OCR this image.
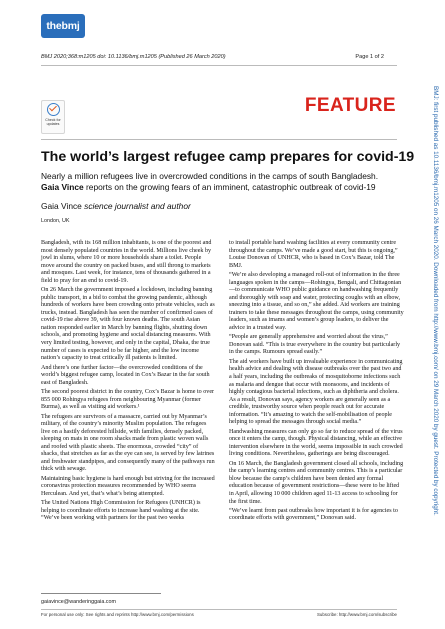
thebmj
BMJ 2020;368:m1205 doi: 10.1136/bmj.m1205 (Published 26 March 2020)	Page 1 of 2
Check for
updates
FEATURE
The world’s largest refugee camp prepares for covid-19
Nearly a million refugees live in overcrowded conditions in the camps of south Bangladesh. Gaia Vince reports on the growing fears of an imminent, catastrophic outbreak of covid-19
Gaia Vince science journalist and author
London, UK

Bangladesh, with its 168 million inhabitants, is one of the poorest and most densely populated countries in the world. Millions live cheek by jowl in slums, where 10 or more households share a toilet. People move around the country on packed buses, and still throng to markets and mosques. Last week, for instance, tens of thousands gathered in a field to pray for an end to covid-19.

On 26 March the government imposed a lockdown, including banning public transport, in a bid to combat the growing pandemic, although hundreds of workers have been crowding onto private vehicles, such as trucks, instead. Bangladesh has seen the number of confirmed cases of covid-19 rise above 39, with four known deaths. The south Asian nation responded earlier in March by banning flights, shutting down schools, and promoting hygiene and social distancing measures. With very limited testing, however, and only in the capital, Dhaka, the true number of cases is expected to be far higher, and the low income nation’s capacity to treat critically ill patients is limited.

And there’s one further factor—the overcrowded conditions of the world’s biggest refugee camp, located in Cox’s Bazar in the far south east of Bangladesh.

The second poorest district in the country, Cox’s Bazar is home to over 855 000 Rohingya refugees from neighbouring Myanmar (former Burma), as well as visiting aid workers.¹

The refugees are survivors of a massacre, carried out by Myanmar’s military, of the country’s minority Muslim population. The refugees live on a hastily deforested hillside, with families, densely packed, sleeping on mats in one room shacks made from plastic woven walls and roofed with plastic sheets. The enormous, crowded “city” of shacks, that stretches as far as the eye can see, is served by few latrines and freshwater standpipes, and consequently many of the pathways run thick with sewage.

Maintaining basic hygiene is hard enough but striving for the increased coronavirus protection measures recommended by WHO seems Herculean. And yet, that’s what’s being attempted.

The United Nations High Commission for Refugees (UNHCR) is helping to coordinate efforts to increase hand washing at the site. “We’ve been working with partners for the past two weeks

to install portable hand washing facilities at every community centre throughout the camps. We’ve made a good start, but this is ongoing,” Louise Donovan of UNHCR, who is based in Cox’s Bazar, told The BMJ.

“We’re also developing a managed roll-out of information in the three languages spoken in the camps—Rohingya, Bengali, and Chittagonian—to communicate WHO public guidance on handwashing frequently and thoroughly with soap and water, protecting coughs with an elbow, sneezing into a tissue, and so on,” she added. Aid workers are training trainers to take these messages throughout the camps, using community leaders, such as imams and women’s group leaders, to deliver the advice in a trusted way.

“People are generally apprehensive and worried about the virus,” Donovan said. “This is true everywhere in the country but particularly in the camps. Rumours spread easily.”

The aid workers have built up invaluable experience in communicating health advice and dealing with disease outbreaks over the past two and a half years, including the outbreaks of mosquitoborne infections such as malaria and dengue that occur with monsoons, and incidents of highly contagious bacterial infections, such as diphtheria and cholera. As a result, Donovan says, agency workers are generally seen as a credible, trustworthy source when people reach out for accurate information. “It’s amazing to watch the self-mobilisation of people helping to spread the messages through social media.”

Handwashing measures can only go so far to reduce spread of the virus once it enters the camp, though. Physical distancing, while an effective intervention elsewhere in the world, seems impossible in such crowded living conditions. Nevertheless, gatherings are being discouraged.

On 16 March, the Bangladesh government closed all schools, including the camp’s learning centres and community centres. This is a particular blow because the camp’s children have been denied any formal education because of government restrictions—these were to be lifted in April, allowing 10 000 children aged 11-13 access to schooling for the first time.

“We’ve learnt from past outbreaks how important it is for agencies to coordinate efforts with government,” Donovan said.

gaiavince@wanderinggaia.com
For personal use only: See rights and reprints http://www.bmj.com/permissions	Subscribe: http://www.bmj.com/subscribe
BMJ: first published as 10.1136/bmj.m1205 on 26 March 2020. Downloaded from http://www.bmj.com/ on 29 March 2020 by guest. Protected by copyright.
